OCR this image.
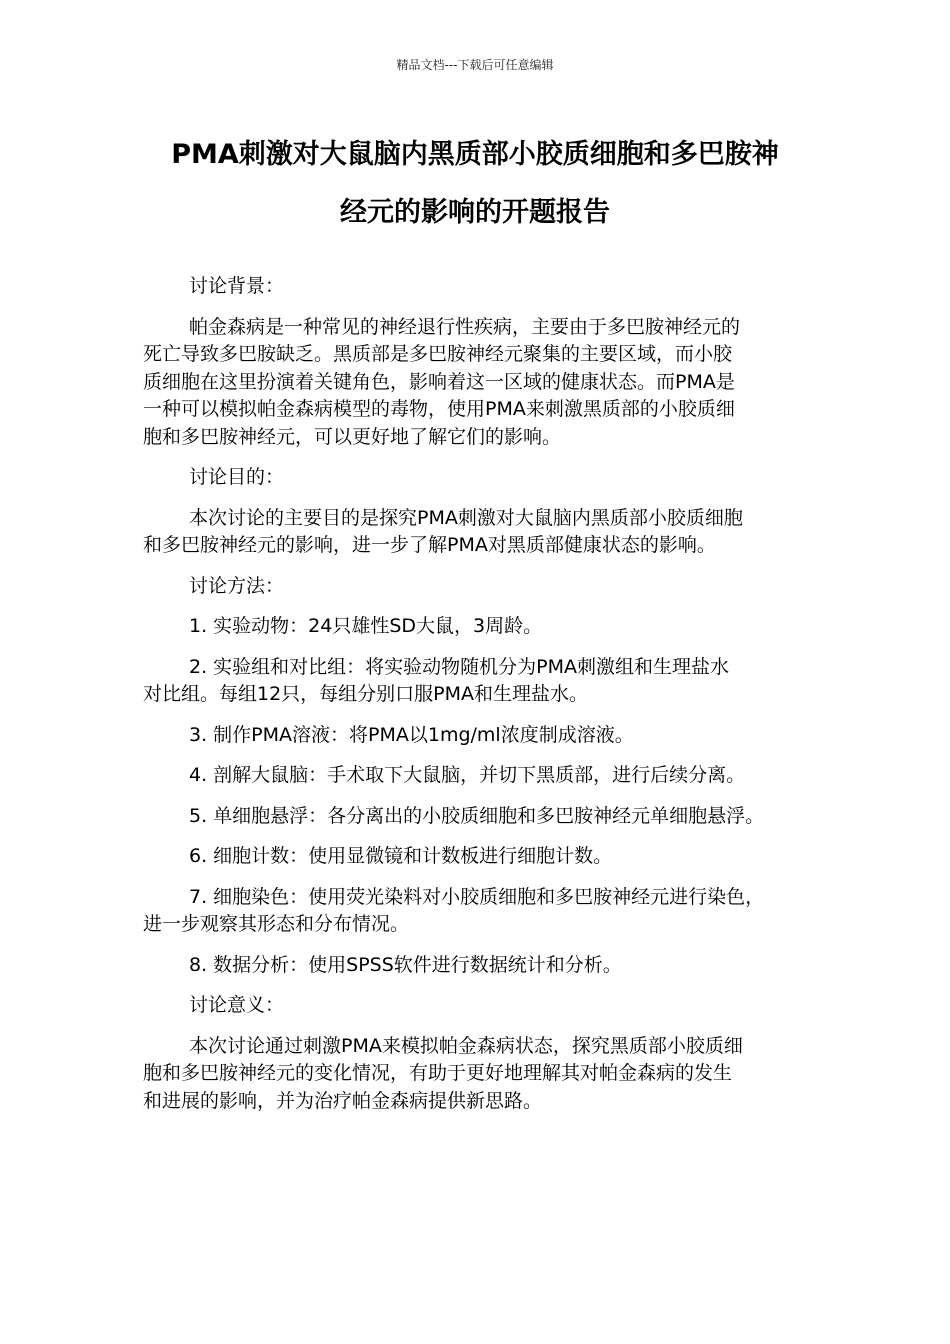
精品文档---下载后可任意编辑
PMA刺激对大鼠脑内黑质部小胶质细胞和多巴胺神
经元的影响的开题报告

讨论背景：

帕金森病是一种常见的神经退行性疾病，主要由于多巴胺神经元的
死亡导致多巴胺缺乏。黑质部是多巴胺神经元聚集的主要区域，而小胶
质细胞在这里扮演着关键角色，影响着这一区域的健康状态。而PMA是
一种可以模拟帕金森病模型的毒物，使用PMA来刺激黑质部的小胶质细
胞和多巴胺神经元，可以更好地了解它们的影响。

讨论目的：

本次讨论的主要目的是探究PMA刺激对大鼠脑内黑质部小胶质细胞
和多巴胺神经元的影响，进一步了解PMA对黑质部健康状态的影响。

讨论方法：

1. 实验动物：24只雄性SD大鼠，3周龄。

2. 实验组和对比组：将实验动物随机分为PMA刺激组和生理盐水
对比组。每组12只，每组分别口服PMA和生理盐水。

3. 制作PMA溶液：将PMA以1mg/ml浓度制成溶液。

4. 剖解大鼠脑：手术取下大鼠脑，并切下黑质部，进行后续分离。

5. 单细胞悬浮：各分离出的小胶质细胞和多巴胺神经元单细胞悬浮。

6. 细胞计数：使用显微镜和计数板进行细胞计数。

7. 细胞染色：使用荧光染料对小胶质细胞和多巴胺神经元进行染色，
进一步观察其形态和分布情况。

8. 数据分析：使用SPSS软件进行数据统计和分析。

讨论意义：

本次讨论通过刺激PMA来模拟帕金森病状态，探究黑质部小胶质细
胞和多巴胺神经元的变化情况，有助于更好地理解其对帕金森病的发生
和进展的影响，并为治疗帕金森病提供新思路。
